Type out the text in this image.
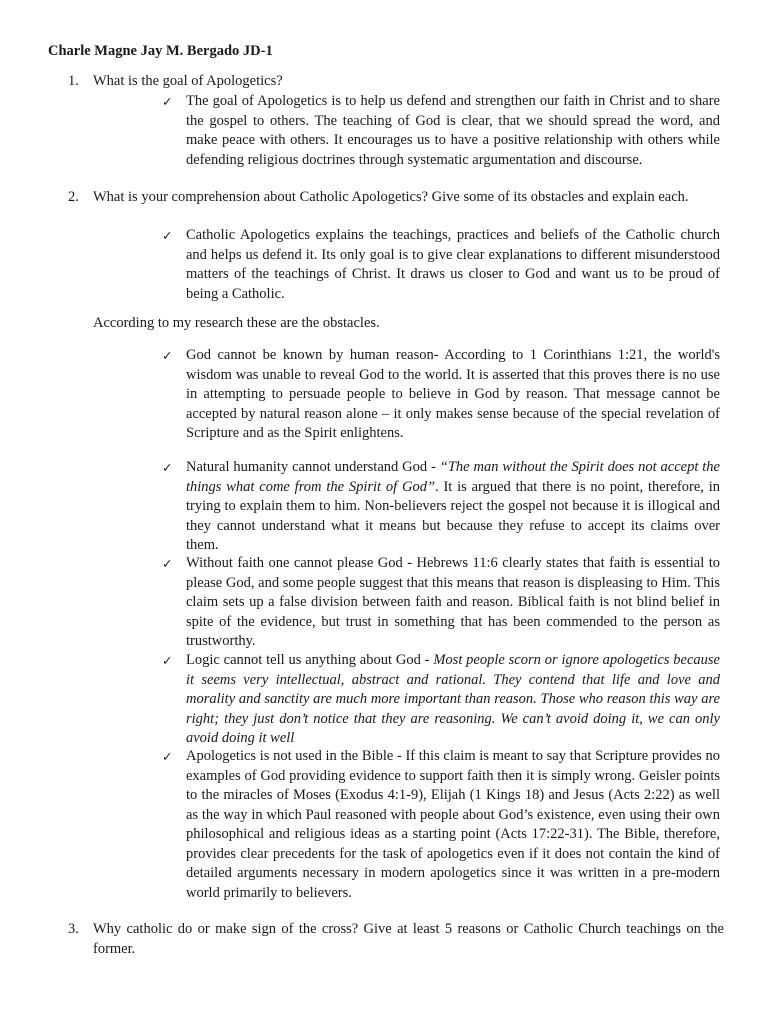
Charle Magne Jay M. Bergado JD-1
1. What is the goal of Apologetics?
✓ The goal of Apologetics is to help us defend and strengthen our faith in Christ and to share the gospel to others. The teaching of God is clear, that we should spread the word, and make peace with others. It encourages us to have a positive relationship with others while defending religious doctrines through systematic argumentation and discourse.
2. What is your comprehension about Catholic Apologetics? Give some of its obstacles and explain each.
✓ Catholic Apologetics explains the teachings, practices and beliefs of the Catholic church and helps us defend it. Its only goal is to give clear explanations to different misunderstood matters of the teachings of Christ. It draws us closer to God and want us to be proud of being a Catholic.
According to my research these are the obstacles.
✓ God cannot be known by human reason- According to 1 Corinthians 1:21, the world's wisdom was unable to reveal God to the world. It is asserted that this proves there is no use in attempting to persuade people to believe in God by reason. That message cannot be accepted by natural reason alone – it only makes sense because of the special revelation of Scripture and as the Spirit enlightens.
✓ Natural humanity cannot understand God - “The man without the Spirit does not accept the things what come from the Spirit of God”. It is argued that there is no point, therefore, in trying to explain them to him. Non-believers reject the gospel not because it is illogical and they cannot understand what it means but because they refuse to accept its claims over them.
✓ Without faith one cannot please God - Hebrews 11:6 clearly states that faith is essential to please God, and some people suggest that this means that reason is displeasing to Him. This claim sets up a false division between faith and reason. Biblical faith is not blind belief in spite of the evidence, but trust in something that has been commended to the person as trustworthy.
✓ Logic cannot tell us anything about God - Most people scorn or ignore apologetics because it seems very intellectual, abstract and rational. They contend that life and love and morality and sanctity are much more important than reason. Those who reason this way are right; they just don’t notice that they are reasoning. We can’t avoid doing it, we can only avoid doing it well
✓ Apologetics is not used in the Bible - If this claim is meant to say that Scripture provides no examples of God providing evidence to support faith then it is simply wrong. Geisler points to the miracles of Moses (Exodus 4:1-9), Elijah (1 Kings 18) and Jesus (Acts 2:22) as well as the way in which Paul reasoned with people about God’s existence, even using their own philosophical and religious ideas as a starting point (Acts 17:22-31). The Bible, therefore, provides clear precedents for the task of apologetics even if it does not contain the kind of detailed arguments necessary in modern apologetics since it was written in a pre-modern world primarily to believers.
3. Why catholic do or make sign of the cross? Give at least 5 reasons or Catholic Church teachings on the former.
